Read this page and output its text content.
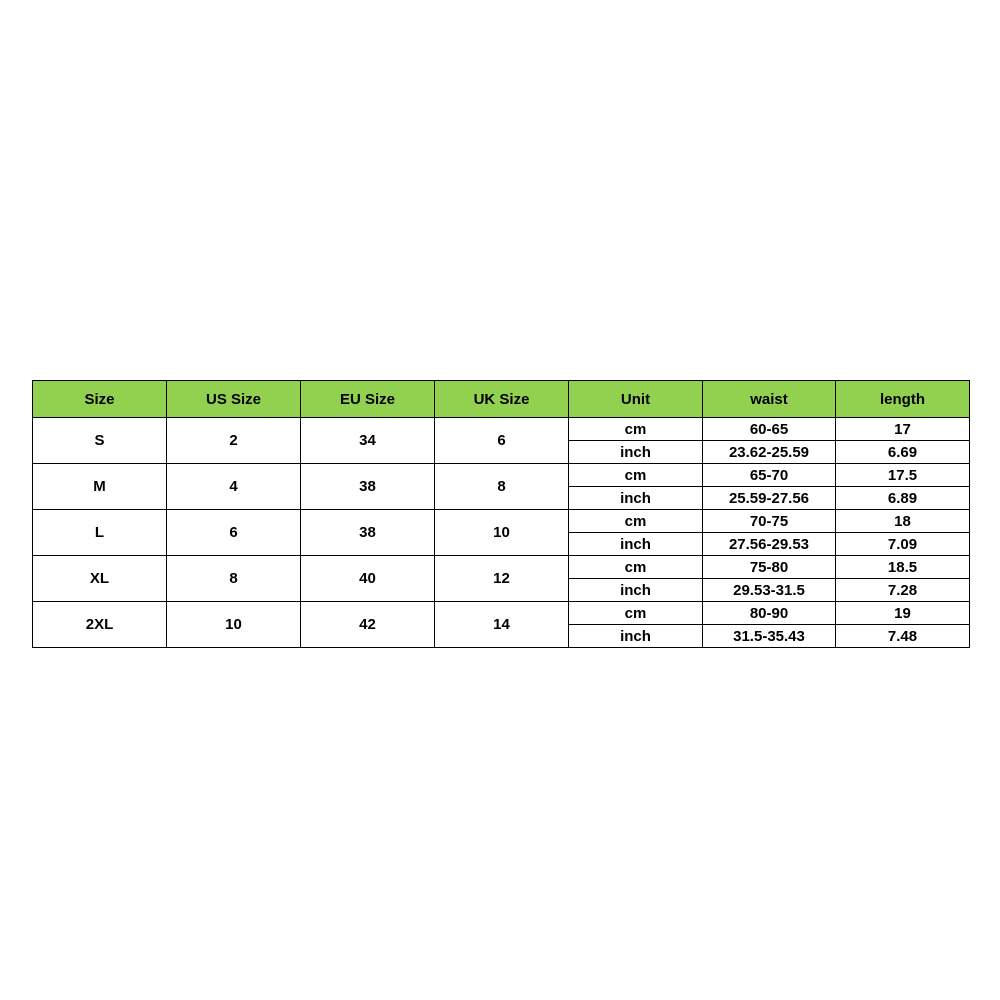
Size	US Size	EU Size	UK Size	Unit	waist	length
S	2	34	6	cm	60-65	17
				inch	23.62-25.59	6.69
M	4	38	8	cm	65-70	17.5
				inch	25.59-27.56	6.89
L	6	38	10	cm	70-75	18
				inch	27.56-29.53	7.09
XL	8	40	12	cm	75-80	18.5
				inch	29.53-31.5	7.28
2XL	10	42	14	cm	80-90	19
				inch	31.5-35.43	7.48
